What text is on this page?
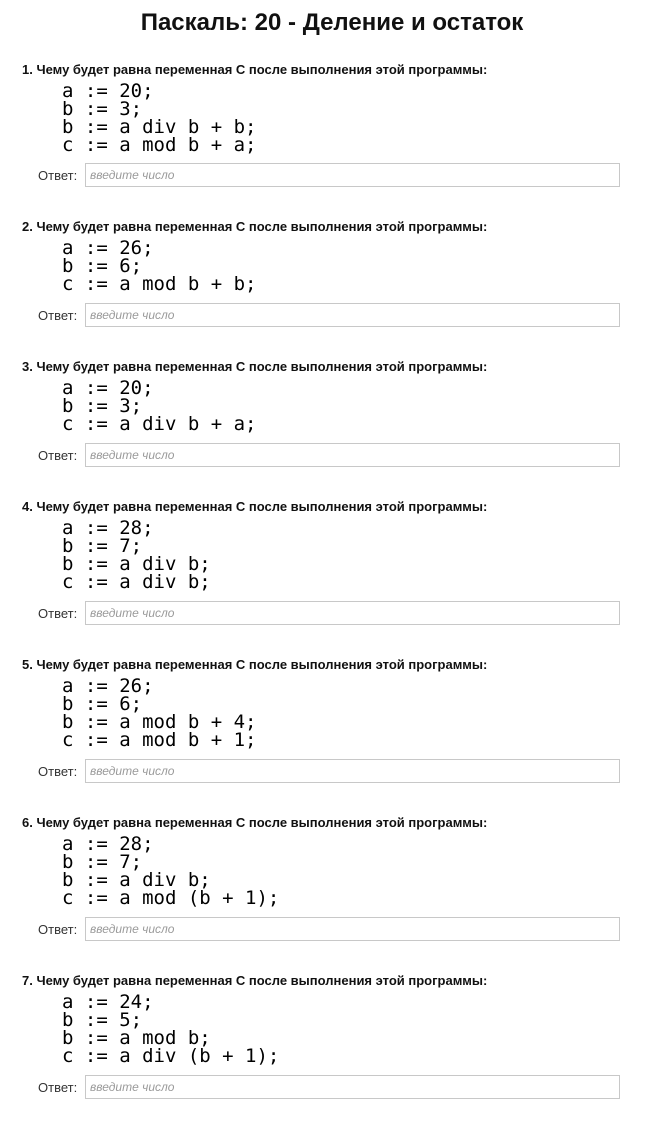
Паскаль: 20 - Деление и остаток
1. Чему будет равна переменная С после выполнения этой программы:
a := 20;
b := 3;
b := a div b + b;
c := a mod b + a;
Ответ:
введите число
2. Чему будет равна переменная С после выполнения этой программы:
a := 26;
b := 6;
c := a mod b + b;
Ответ:
введите число
3. Чему будет равна переменная С после выполнения этой программы:
a := 20;
b := 3;
c := a div b + a;
Ответ:
введите число
4. Чему будет равна переменная С после выполнения этой программы:
a := 28;
b := 7;
b := a div b;
c := a div b;
Ответ:
введите число
5. Чему будет равна переменная С после выполнения этой программы:
a := 26;
b := 6;
b := a mod b + 4;
c := a mod b + 1;
Ответ:
введите число
6. Чему будет равна переменная С после выполнения этой программы:
a := 28;
b := 7;
b := a div b;
c := a mod (b + 1);
Ответ:
введите число
7. Чему будет равна переменная С после выполнения этой программы:
a := 24;
b := 5;
b := a mod b;
c := a div (b + 1);
Ответ:
введите число
